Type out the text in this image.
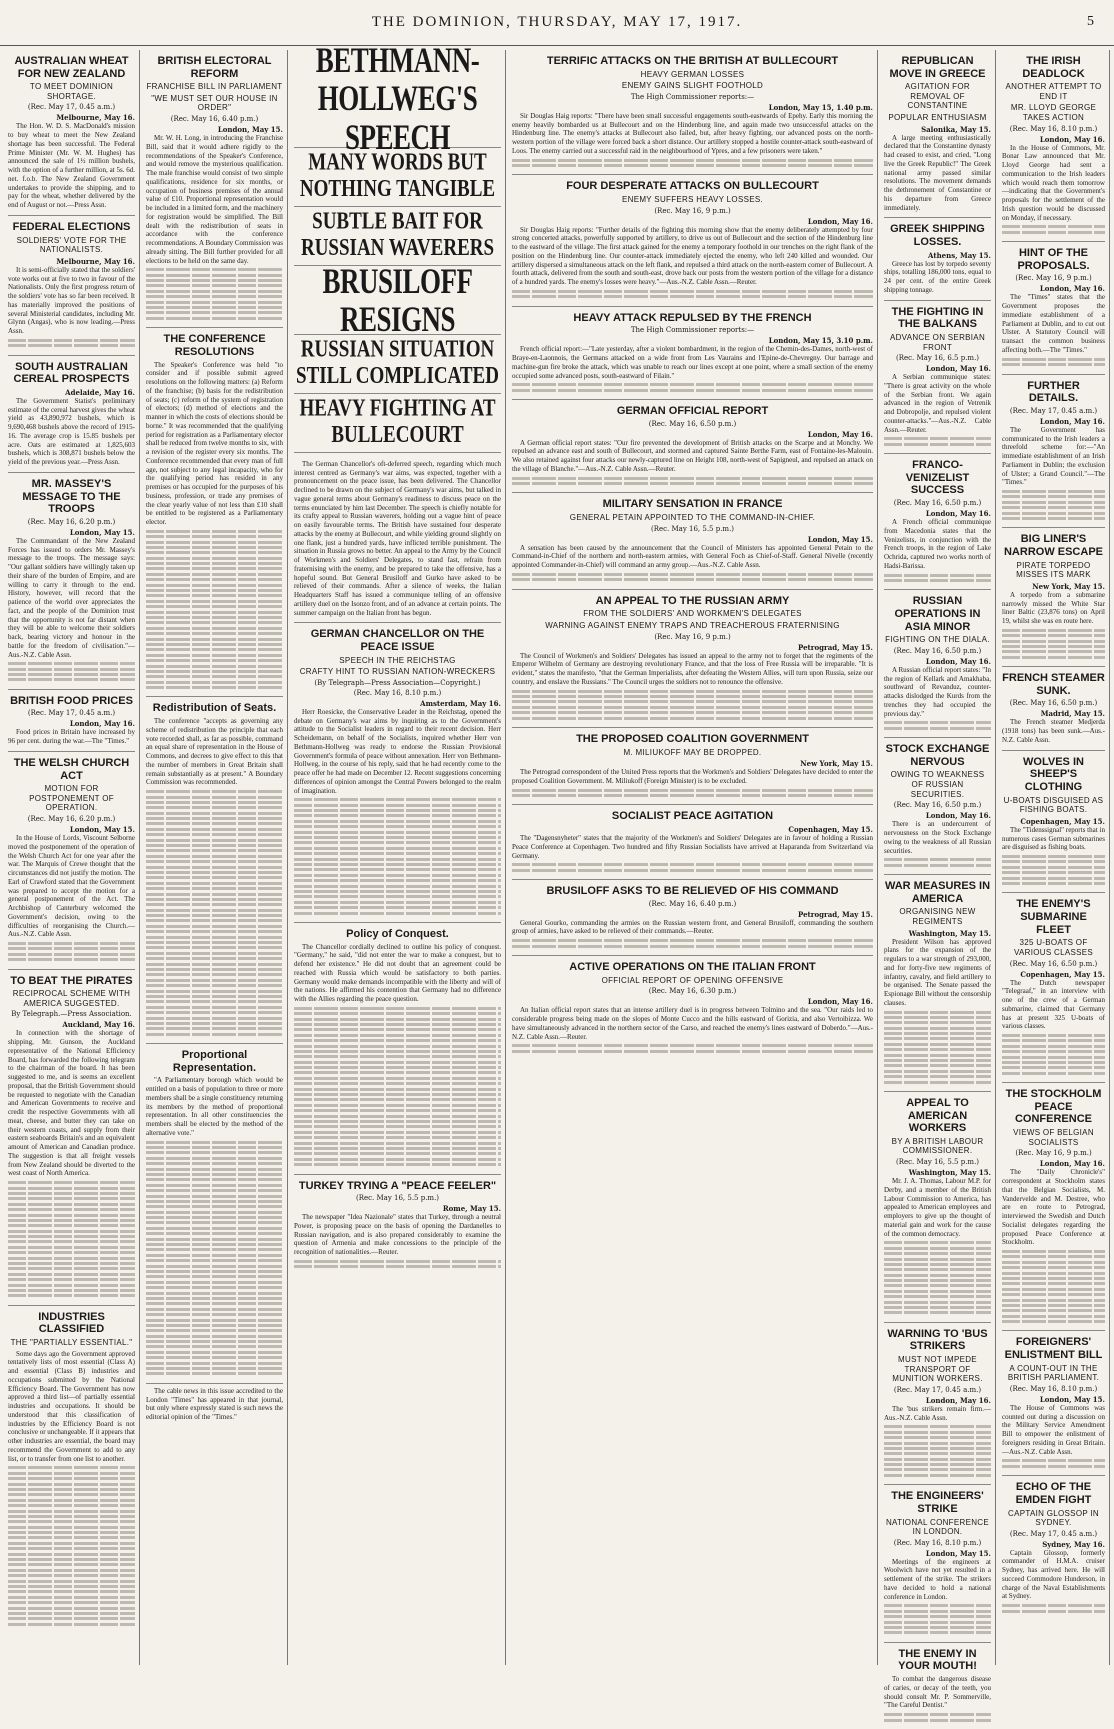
THE DOMINION, THURSDAY, MAY 17, 1917.	5
AUSTRALIAN WHEAT FOR NEW ZEALAND
TO MEET DOMINION SHORTAGE.
(Rec. May 17, 0.45 a.m.)
Melbourne, May 16.

The Hon. W. D. S. MacDonald's mission to buy wheat to meet the New Zealand shortage has been successful. The Federal Prime Minister (Mr. W. M. Hughes) has announced the sale of 1½ million bushels, with the option of a further million, at 5s. 6d. net. f.o.b. The New Zealand Government undertakes to provide the shipping, and to pay for the wheat, whether delivered by the end of August or not.—Press Assn.

FEDERAL ELECTIONS
SOLDIERS' VOTE FOR THE NATIONALISTS.
Melbourne, May 16.

It is semi-officially stated that the soldiers' vote works out at five to two in favour of the Nationalists. Only the first progress return of the soldiers' vote has so far been received. It has materially improved the positions of several Ministerial candidates, including Mr. Glynn (Angas), who is now leading.—Press Assn.

SOUTH AUSTRALIAN CEREAL PROSPECTS
Adelaide, May 16.

The Government Statist's preliminary estimate of the cereal harvest gives the wheat yield as 43,890,972 bushels, which is 9,690,468 bushels above the record of 1915-16. The average crop is 15.85 bushels per acre. Oats are estimated at 1,825,603 bushels, which is 308,871 bushels below the yield of the previous year.—Press Assn.

MR. MASSEY'S MESSAGE TO THE TROOPS
(Rec. May 16, 6.20 p.m.)
London, May 15.

The Commandant of the New Zealand Forces has issued to orders Mr. Massey's message to the troops. The message says: "Our gallant soldiers have willingly taken up their share of the burden of Empire, and are willing to carry it through to the end. History, however, will record that the patience of the world over appreciates the fact, and the people of the Dominion trust that the opportunity is not far distant when they will be able to welcome their soldiers back, bearing victory and honour in the battle for the freedom of civilisation."—Aus.-N.Z. Cable Assn.

BRITISH FOOD PRICES
(Rec. May 17, 0.45 a.m.)
London, May 16.

Food prices in Britain have increased by 96 per cent. during the war.—The "Times."

THE WELSH CHURCH ACT
MOTION FOR POSTPONEMENT OF OPERATION.
(Rec. May 16, 6.20 p.m.)
London, May 15.

In the House of Lords, Viscount Selborne moved the postponement of the operation of the Welsh Church Act for one year after the war. The Marquis of Crewe thought that the circumstances did not justify the motion. The Earl of Crawford stated that the Government was prepared to accept the motion for a general postponement of the Act. The Archbishop of Canterbury welcomed the Government's decision, owing to the difficulties of reorganising the Church.—Aus.-N.Z. Cable Assn.

TO BEAT THE PIRATES
RECIPROCAL SCHEME WITH AMERICA SUGGESTED.
By Telegraph.—Press Association.
Auckland, May 16.

In connection with the shortage of shipping, Mr. Gunson, the Auckland representative of the National Efficiency Board, has forwarded the following telegram to the chairman of the board. It has been suggested to me, and is seems an excellent proposal, that the British Government should be requested to negotiate with the Canadian and American Governments to receive and credit the respective Governments with all meat, cheese, and butter they can take on their western coasts, and supply from their eastern seaboards Britain's and an equivalent amount of American and Canadian produce. The suggestion is that all freight vessels from New Zealand should be diverted to the west coast of North America.

INDUSTRIES CLASSIFIED
THE "PARTIALLY ESSENTIAL."

Some days ago the Government approved tentatively lists of most essential (Class A) and essential (Class B) industries and occupations submitted by the National Efficiency Board. The Government has now approved a third list—of partially essential industries and occupations. It should be understood that this classification of industries by the Efficiency Board is not conclusive or unchangeable. If it appears that other industries are essential, the board may recommend the Government to add to any list, or to transfer from one list to another.

BRITISH ELECTORAL REFORM
FRANCHISE BILL IN PARLIAMENT
"WE MUST SET OUR HOUSE IN ORDER"
(Rec. May 16, 6.40 p.m.)
London, May 15.

Mr. W. H. Long, in introducing the Franchise Bill, said that it would adhere rigidly to the recommendations of the Speaker's Conference, and would remove the mysterious qualification. The male franchise would consist of two simple qualifications, residence for six months, or occupation of business premises of the annual value of £10. Proportional representation would be included in a limited form, and the machinery for registration would be simplified. The Bill dealt with the redistribution of seats in accordance with the conference recommendations. A Boundary Commission was already sitting. The Bill further provided for all elections to be held on the same day.

THE CONFERENCE RESOLUTIONS

The Speaker's Conference was held "to consider and if possible submit agreed resolutions on the following matters: (a) Reform of the franchise; (b) basis for the redistribution of seats; (c) reform of the system of registration of electors; (d) method of elections and the manner in which the costs of elections should be borne." It was recommended that the qualifying period for registration as a Parliamentary elector shall be reduced from twelve months to six, with a revision of the register every six months. The Conference recommended that every man of full age, not subject to any legal incapacity, who for the qualifying period has resided in any premises or has occupied for the purposes of his business, profession, or trade any premises of the clear yearly value of not less than £10 shall be entitled to be registered as a Parliamentary elector.

Redistribution of Seats.

The conference "accepts as governing any scheme of redistribution the principle that each vote recorded shall, as far as possible, command an equal share of representation in the House of Commons, and decrees to give effect to this that the number of members in Great Britain shall remain substantially as at present." A Boundary Commission was recommended.

Proportional Representation.

"A Parliamentary borough which would be entitled on a basis of population to three or more members shall be a single constituency returning its members by the method of proportional representation. In all other constituencies the members shall be elected by the method of the alternative vote."

The cable news in this issue accredited to the London "Times" has appeared in that journal, but only where expressly stated is such news the editorial opinion of the "Times."

BETHMANN-HOLLWEG'S SPEECH
MANY WORDS BUT NOTHING TANGIBLE
SUBTLE BAIT FOR RUSSIAN WAVERERS
BRUSILOFF RESIGNS
RUSSIAN SITUATION STILL COMPLICATED
HEAVY FIGHTING AT BULLECOURT

The German Chancellor's oft-deferred speech, regarding which much interest centred as Germany's war aims, was expected, together with a pronouncement on the peace issue, has been delivered. The Chancellor declined to be drawn on the subject of Germany's war aims, but talked in vague general terms about Germany's readiness to discuss peace on the terms enunciated by him last December. The speech is chiefly notable for its crafty appeal to Russian waverers, holding out a vague hint of peace on easily favourable terms. The British have sustained four desperate attacks by the enemy at Bullecourt, and while yielding ground slightly on one flank, just a hundred yards, have inflicted terrible punishment. The situation in Russia grows no better. An appeal to the Army by the Council of Workmen's and Soldiers' Delegates, to stand fast, refrain from fraternising with the enemy, and be prepared to take the offensive, has a hopeful sound. But General Brusiloff and Gurko have asked to be relieved of their commands. After a silence of weeks, the Italian Headquarters Staff has issued a communique telling of an offensive artillery duel on the Isonzo front, and of an advance at certain points. The summer campaign on the Italian front has begun.

GERMAN CHANCELLOR ON THE PEACE ISSUE
SPEECH IN THE REICHSTAG
CRAFTY HINT TO RUSSIAN NATION-WRECKERS
(By Telegraph—Press Association—Copyright.)
(Rec. May 16, 8.10 p.m.)
Amsterdam, May 16.

Herr Roesicke, the Conservative Leader in the Reichstag, opened the debate on Germany's war aims by inquiring as to the Government's attitude to the Socialist leaders in regard to their recent decision. Herr Scheidemann, on behalf of the Socialists, inquired whether Herr von Bethmann-Hollweg was ready to endorse the Russian Provisional Government's formula of peace without annexation. Herr von Bethmann-Hollweg, in the course of his reply, said that he had recently come to the peace offer he had made on December 12. Recent suggestions concerning differences of opinion amongst the Central Powers belonged to the realm of imagination.

Policy of Conquest.

The Chancellor cordially declined to outline his policy of conquest. "Germany," he said, "did not enter the war to make a conquest, but to defend her existence." He did not doubt that an agreement could be reached with Russia which would be satisfactory to both parties. Germany would make demands incompatible with the liberty and will of the nations. He affirmed his contention that Germany had no difference with the Allies regarding the peace question.

TURKEY TRYING A "PEACE FEELER"
(Rec. May 16, 5.5 p.m.)
Rome, May 15.

The newspaper "Idea Nazionale" states that Turkey, through a neutral Power, is proposing peace on the basis of opening the Dardanelles to Russian navigation, and is also prepared considerably to examine the question of Armenia and make concessions to the principle of the recognition of nationalities.—Reuter.

TERRIFIC ATTACKS ON THE BRITISH AT BULLECOURT
HEAVY GERMAN LOSSES
ENEMY GAINS SLIGHT FOOTHOLD
The High Commissioner reports:—
London, May 15, 1.40 p.m.

Sir Douglas Haig reports: "There have been small successful engagements south-eastwards of Epehy. Early this morning the enemy heavily bombarded us at Bullecourt and on the Hindenburg line, and again made two unsuccessful attacks on the Hindenburg line. The enemy's attacks at Bullecourt also failed, but, after heavy fighting, our advanced posts on the north-western portion of the village were forced back a short distance. Our artillery stopped a hostile counter-attack south-eastward of Loos. The enemy carried out a successful raid in the neighbourhood of Ypres, and a few prisoners were taken."

FOUR DESPERATE ATTACKS ON BULLECOURT
ENEMY SUFFERS HEAVY LOSSES.
(Rec. May 16, 9 p.m.)
London, May 16.

Sir Douglas Haig reports: "Further details of the fighting this morning show that the enemy deliberately attempted by four strong concerted attacks, powerfully supported by artillery, to drive us out of Bullecourt and the section of the Hindenburg line to the eastward of the village. The first attack gained for the enemy a temporary foothold in our trenches on the right flank of the position on the Hindenburg line. Our counter-attack immediately ejected the enemy, who left 240 killed and wounded. Our artillery dispersed a simultaneous attack on the left flank, and repulsed a third attack on the north-eastern corner of Bullecourt. A fourth attack, delivered from the south and south-east, drove back our posts from the western portion of the village for a distance of a hundred yards. The enemy's losses were heavy."—Aus.-N.Z. Cable Assn.—Reuter.

HEAVY ATTACK REPULSED BY THE FRENCH
The High Commissioner reports:—
London, May 15, 3.10 p.m.

French official report:—"Late yesterday, after a violent bombardment, in the region of the Chemin-des-Dames, north-west of Braye-en-Laonnois, the Germans attacked on a wide front from Les Vaurains and l'Epine-de-Chevregny. Our barrage and machine-gun fire broke the attack, which was unable to reach our lines except at one point, where a small section of the enemy occupied some advanced posts, south-eastward of Filain."

GERMAN OFFICIAL REPORT
(Rec. May 16, 6.50 p.m.)
London, May 16.

A German official report states: "Our fire prevented the development of British attacks on the Scarpe and at Monchy. We repulsed an advance east and south of Bullecourt, and stormed and captured Sainte Berthe Farm, east of Fontaine-les-Malouin. We also retained against four attacks our newly-captured line on Height 108, north-west of Sapigneul, and repulsed an attack on the village of Blanche."—Aus.-N.Z. Cable Assn.—Reuter.

MILITARY SENSATION IN FRANCE
GENERAL PETAIN APPOINTED TO THE COMMAND-IN-CHIEF.
(Rec. May 16, 5.5 p.m.)
London, May 15.

A sensation has been caused by the announcement that the Council of Ministers has appointed General Petain to the Command-in-Chief of the northern and north-eastern armies, with General Foch as Chief-of-Staff. General Nivelle (recently appointed Commander-in-Chief) will command an army group.—Aus.-N.Z. Cable Assn.

AN APPEAL TO THE RUSSIAN ARMY
FROM THE SOLDIERS' AND WORKMEN'S DELEGATES
WARNING AGAINST ENEMY TRAPS AND TREACHEROUS FRATERNISING
(Rec. May 16, 9 p.m.)
Petrograd, May 15.

The Council of Workmen's and Soldiers' Delegates has issued an appeal to the army not to forget that the regiments of the Emperor Wilhelm of Germany are destroying revolutionary France, and that the loss of Free Russia will be irreparable. "It is evident," states the manifesto, "that the German Imperialists, after defeating the Western Allies, will turn upon Russia, seize our country, and enslave the Russians." The Council urges the soldiers not to renounce the offensive.

THE PROPOSED COALITION GOVERNMENT
M. MILIUKOFF MAY BE DROPPED.
New York, May 15.

The Petrograd correspondent of the United Press reports that the Workmen's and Soldiers' Delegates have decided to enter the proposed Coalition Government. M. Miliukoff (Foreign Minister) is to be excluded.

SOCIALIST PEACE AGITATION
Copenhagen, May 15.

The "Dagensnyheter" states that the majority of the Workmen's and Soldiers' Delegates are in favour of holding a Russian Peace Conference at Copenhagen. Two hundred and fifty Russian Socialists have arrived at Haparanda from Switzerland via Germany.

BRUSILOFF ASKS TO BE RELIEVED OF HIS COMMAND
(Rec. May 16, 6.40 p.m.)
Petrograd, May 15.

General Gourko, commanding the armies on the Russian western front, and General Brusiloff, commanding the southern group of armies, have asked to be relieved of their commands.—Reuter.

ACTIVE OPERATIONS ON THE ITALIAN FRONT
OFFICIAL REPORT OF OPENING OFFENSIVE
(Rec. May 16, 6.30 p.m.)
London, May 16.

An Italian official report states that an intense artillery duel is in progress between Tolmino and the sea. "Our raids led to considerable progress being made on the slopes of Monte Cucco and the hills eastward of Gorizia, and also Vertoibizza. We have simultaneously advanced in the northern sector of the Carso, and reached the enemy's lines eastward of Doberdo."—Aus.-N.Z. Cable Assn.—Reuter.

REPUBLICAN MOVE IN GREECE
AGITATION FOR REMOVAL OF CONSTANTINE
POPULAR ENTHUSIASM
Salonika, May 15.

A large meeting enthusiastically declared that the Constantine dynasty had ceased to exist, and cried, "Long live the Greek Republic!" The Greek national army passed similar resolutions. The movement demands the dethronement of Constantine or his departure from Greece immediately.

GREEK SHIPPING LOSSES.
Athens, May 15.

Greece has lost by torpedo seventy ships, totalling 186,000 tons, equal to 24 per cent. of the entire Greek shipping tonnage.

THE FIGHTING IN THE BALKANS
ADVANCE ON SERBIAN FRONT
(Rec. May 16, 6.5 p.m.)
London, May 16.

A Serbian communique states: "There is great activity on the whole of the Serbian front. We again advanced in the region of Vetrenik and Dobropolje, and repulsed violent counter-attacks."—Aus.-N.Z. Cable Assn.—Reuter.

FRANCO-VENIZELIST SUCCESS
(Rec. May 16, 6.50 p.m.)
London, May 16.

A French official communique from Macedonia states that the Venizelists, in conjunction with the French troops, in the region of Lake Ochrida, captured two works north of Hadsi-Barissa.

RUSSIAN OPERATIONS IN ASIA MINOR
FIGHTING ON THE DIALA.
(Rec. May 16, 6.50 p.m.)
London, May 16.

A Russian official report states: "In the region of Kellark and Amakhaba, southward of Revanduz, counter-attacks dislodged the Kurds from the trenches they had occupied the previous day."

STOCK EXCHANGE NERVOUS
OWING TO WEAKNESS OF RUSSIAN SECURITIES.
(Rec. May 16, 6.50 p.m.)
London, May 16.

There is an undercurrent of nervousness on the Stock Exchange owing to the weakness of all Russian securities.

WAR MEASURES IN AMERICA
ORGANISING NEW REGIMENTS
Washington, May 15.

President Wilson has approved plans for the expansion of the regulars to a war strength of 293,000, and for forty-five new regiments of infantry, cavalry, and field artillery to be organised. The Senate passed the Espionage Bill without the censorship clauses.

APPEAL TO AMERICAN WORKERS
BY A BRITISH LABOUR COMMISSIONER.
(Rec. May 16, 5.5 p.m.)
Washington, May 15.

Mr. J. A. Thomas, Labour M.P. for Derby, and a member of the British Labour Commission to America, has appealed to American employees and employers to give up the thought of material gain and work for the cause of the common democracy.

WARNING TO 'BUS STRIKERS
MUST NOT IMPEDE TRANSPORT OF MUNITION WORKERS.
(Rec. May 17, 0.45 a.m.)
London, May 16.

The 'bus strikers remain firm.—Aus.-N.Z. Cable Assn.

THE ENGINEERS' STRIKE
NATIONAL CONFERENCE IN LONDON.
(Rec. May 16, 8.10 p.m.)
London, May 15.

Meetings of the engineers at Woolwich have not yet resulted in a settlement of the strike. The strikers have decided to hold a national conference in London.

THE ENEMY IN YOUR MOUTH!

To combat the dangerous disease of caries, or decay of the teeth, you should consult Mr. P. Sommerville, "The Careful Dentist."

THE IRISH DEADLOCK
ANOTHER ATTEMPT TO END IT
MR. LLOYD GEORGE TAKES ACTION
(Rec. May 16, 8.10 p.m.)
London, May 16.

In the House of Commons, Mr. Bonar Law announced that Mr. Lloyd George had sent a communication to the Irish leaders which would reach them tomorrow—indicating that the Government's proposals for the settlement of the Irish question would be discussed on Monday, if necessary.

HINT OF THE PROPOSALS.
(Rec. May 16, 9 p.m.)
London, May 16.

The "Times" states that the Government proposes the immediate establishment of a Parliament at Dublin, and to cut out Ulster. A Statutory Council will transact the common business affecting both.—The "Times."

FURTHER DETAILS.
(Rec. May 17, 0.45 a.m.)
London, May 16.

The Government has communicated to the Irish leaders a threefold scheme for:—"An immediate establishment of an Irish Parliament in Dublin; the exclusion of Ulster; a Grand Council."—The "Times."

BIG LINER'S NARROW ESCAPE
PIRATE TORPEDO MISSES ITS MARK
New York, May 15.

A torpedo from a submarine narrowly missed the White Star liner Baltic (23,876 tons) on April 19, whilst she was en route here.

FRENCH STEAMER SUNK.
(Rec. May 16, 6.50 p.m.)
Madrid, May 15.

The French steamer Medjerda (1918 tons) has been sunk.—Aus.-N.Z. Cable Assn.

WOLVES IN SHEEP'S CLOTHING
U-BOATS DISGUISED AS FISHING BOATS.
Copenhagen, May 15.

The "Tidenssignal" reports that in numerous cases German submarines are disguised as fishing boats.

THE ENEMY'S SUBMARINE FLEET
325 U-BOATS OF VARIOUS CLASSES
(Rec. May 16, 6.50 p.m.)
Copenhagen, May 15.

The Dutch newspaper "Telegraaf," in an interview with one of the crew of a German submarine, claimed that Germany has at present 325 U-boats of various classes.

THE STOCKHOLM PEACE CONFERENCE
VIEWS OF BELGIAN SOCIALISTS
(Rec. May 16, 9 p.m.)
London, May 16.

The "Daily Chronicle's" correspondent at Stockholm states that the Belgian Socialists, M. Vandervelde and M. Destree, who are en route to Petrograd, interviewed the Swedish and Dutch Socialist delegates regarding the proposed Peace Conference at Stockholm.

FOREIGNERS' ENLISTMENT BILL
A COUNT-OUT IN THE BRITISH PARLIAMENT.
(Rec. May 16, 8.10 p.m.)
London, May 15.

The House of Commons was counted out during a discussion on the Military Service Amendment Bill to empower the enlistment of foreigners residing in Great Britain.—Aus.-N.Z. Cable Assn.

ECHO OF THE EMDEN FIGHT
CAPTAIN GLOSSOP IN SYDNEY.
(Rec. May 17, 0.45 a.m.)
Sydney, May 16.

Captain Glossop, formerly commander of H.M.A. cruiser Sydney, has arrived here. He will succeed Commodore Hunderson, in charge of the Naval Establishments at Sydney.
